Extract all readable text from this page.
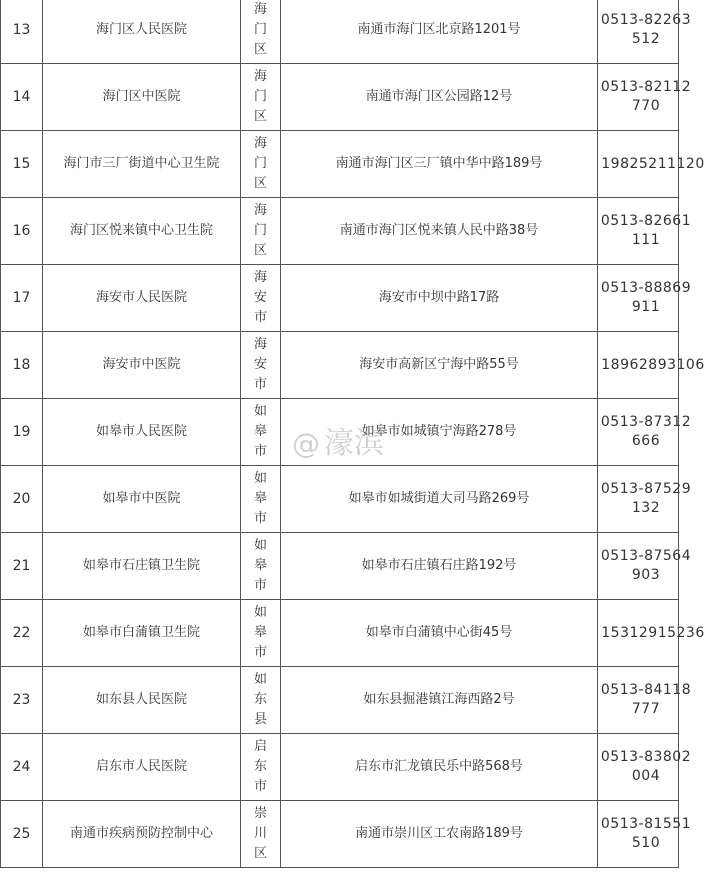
13	海门区人民医院	海门区	南通市海门区北京路1201号	0513-82263512

14	海门区中医院	海门区	南通市海门区公园路12号	0513-82112770

15	海门市三厂街道中心卫生院	海门区	南通市海门区三厂镇中华中路189号	19825211120

16	海门区悦来镇中心卫生院	海门区	南通市海门区悦来镇人民中路38号	0513-82661111

17	海安市人民医院	海安市	海安市中坝中路17路	0513-88869911

18	海安市中医院	海安市	海安市高新区宁海中路55号	18962893106

19	如皋市人民医院	如皋市	如皋市如城镇宁海路278号	0513-87312666

20	如皋市中医院	如皋市	如皋市如城街道大司马路269号	0513-87529132

21	如皋市石庄镇卫生院	如皋市	如皋市石庄镇石庄路192号	0513-87564903

22	如皋市白蒲镇卫生院	如皋市	如皋市白蒲镇中心街45号	15312915236

23	如东县人民医院	如东县	如东县掘港镇江海西路2号	0513-84118777

24	启东市人民医院	启东市	启东市汇龙镇民乐中路568号	0513-83802004

25	南通市疾病预防控制中心	崇川区	南通市崇川区工农南路189号	0513-81551510
@ 濠滨
